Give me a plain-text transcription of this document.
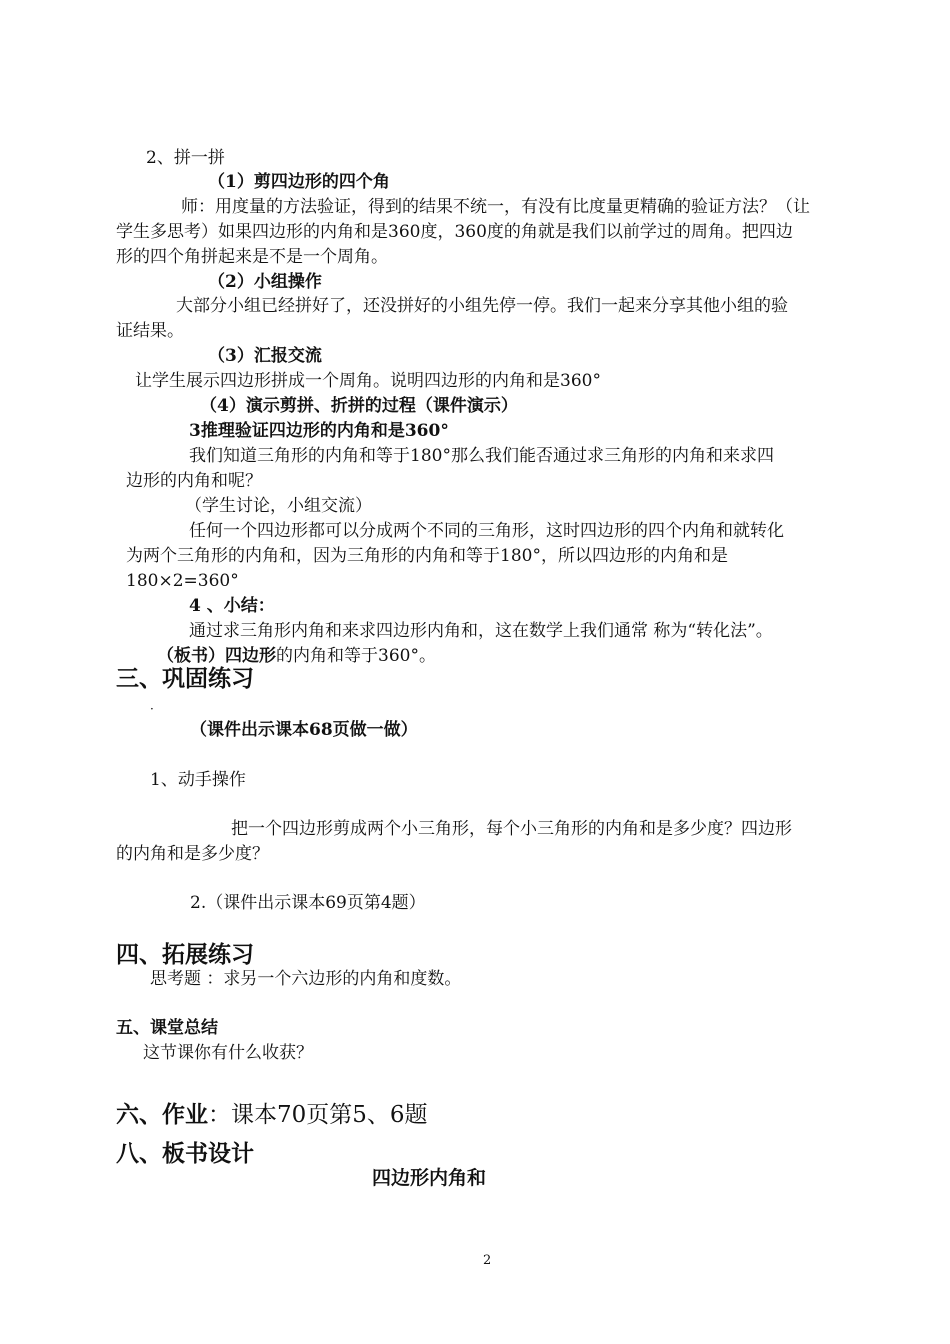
2、拼一拼
（1）剪四边形的四个角
师：用度量的方法验证，得到的结果不统一，有没有比度量更精确的验证方法？（让
学生多思考）如果四边形的内角和是360度，360度的角就是我们以前学过的周角。把四边
形的四个角拼起来是不是一个周角。
（2）小组操作
大部分小组已经拼好了，还没拼好的小组先停一停。我们一起来分享其他小组的验
证结果。
（3）汇报交流
让学生展示四边形拼成一个周角。说明四边形的内角和是360°
（4）演示剪拼、折拼的过程（课件演示）
3推理验证四边形的内角和是360°
我们知道三角形的内角和等于180°那么我们能否通过求三角形的内角和来求四
边形的内角和呢？
（学生讨论，小组交流）
任何一个四边形都可以分成两个不同的三角形，这时四边形的四个内角和就转化
为两个三角形的内角和，因为三角形的内角和等于180°，所以四边形的内角和是
180×2=360°
4 、小结：
通过求三角形内角和来求四边形内角和，这在数学上我们通常 称为“转化法”。
（板书）四边形的内角和等于360°。
三、巩固练习
·
（课件出示课本68页做一做）
1、动手操作
把一个四边形剪成两个小三角形，每个小三角形的内角和是多少度？四边形
的内角和是多少度？
2.（课件出示课本69页第4题）
四、拓展练习
思考题 ：求另一个六边形的内角和度数。
五、课堂总结
这节课你有什么收获？
六、作业：课本70页第5、6题
八、板书设计
四边形内角和
2
